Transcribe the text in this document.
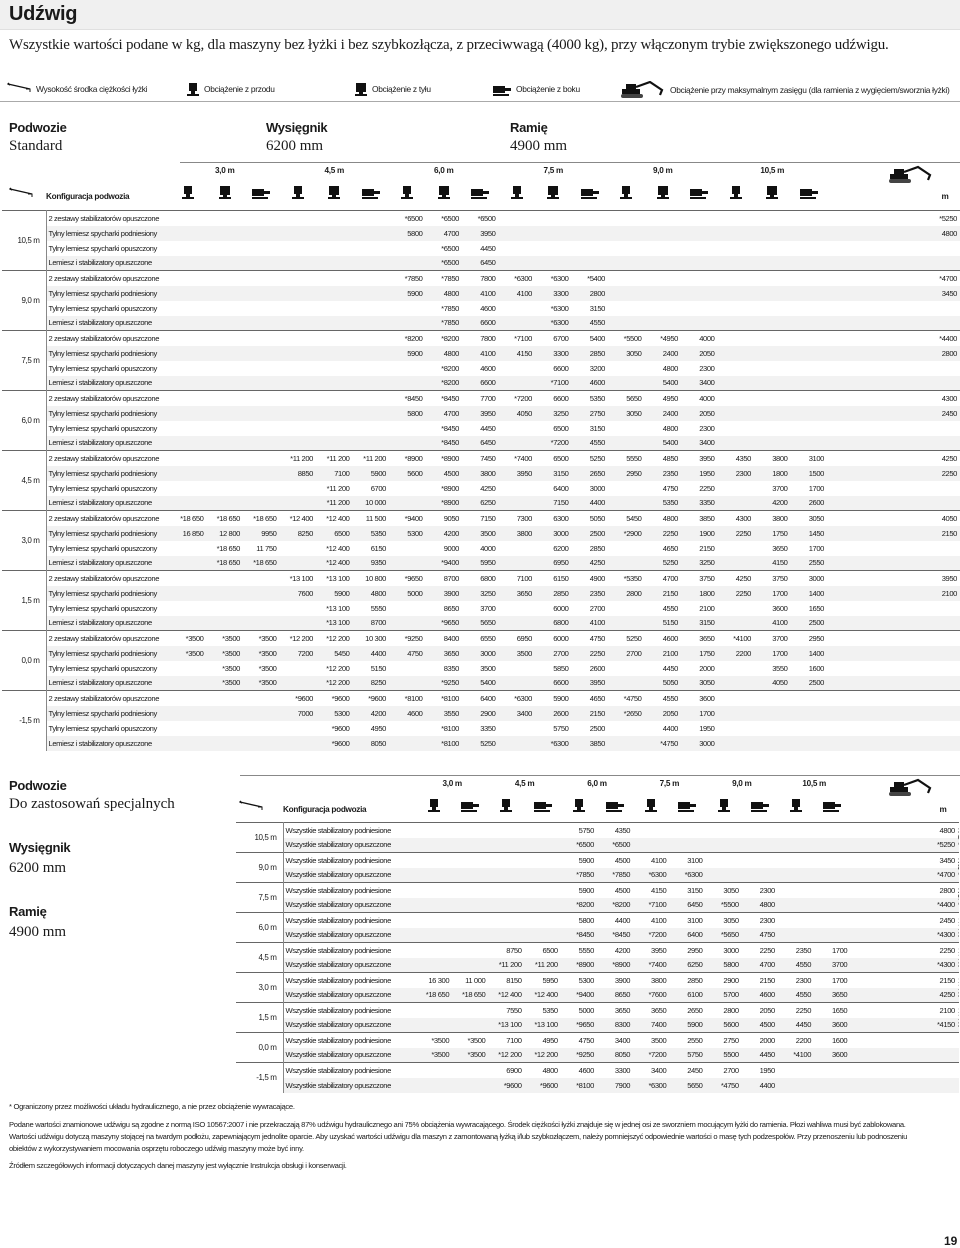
Udźwig
Wszystkie wartości podane w kg, dla maszyny bez łyżki i bez szybkozłącza, z przeciwwagą (4000 kg), przy włączonym trybie zwiększonego udźwigu.
Wysokość środka ciężkości łyżki	Obciążenie z przodu	Obciążenie z tyłu	Obciążenie z boku	Obciążenie przy maksymalnym zasięgu (dla ramienia z wygięciem/sworznia łyżki)
Podwozie
Standard
Wysięgnik
6200 mm
Ramię
4900 mm
3,0 m	4,5 m	6,0 m	7,5 m	9,0 m	10,5 m
Konfiguracja podwozia	m
10,5 m	2 zestawy stabilizatorów opuszczone							*6500	*6500	*6500										*5250			
	Tylny lemiesz spycharki podniesiony							5800	4700	3950										4800		
	Tylny lemiesz spycharki opuszczony								*6500	4450												
	Lemiesz i stabilizatory opuszczone								*6500	6450												
9,0 m	2 zestawy stabilizatorów opuszczone							*7850	*7850	7800	*6300	*6300	*5400							*4700			
	Tylny lemiesz spycharki podniesiony							5900	4800	4100	4100	3300	2800							3450		
	Tylny lemiesz spycharki opuszczony								*7850	4600		*6300	3150									
	Lemiesz i stabilizatory opuszczone								*7850	6600		*6300	4550									
7,5 m	2 zestawy stabilizatorów opuszczone							*8200	*8200	7800	*7100	6700	5400	*5500	*4950	4000				*4400			
	Tylny lemiesz spycharki podniesiony							5900	4800	4100	4150	3300	2850	3050	2400	2050				2800		
	Tylny lemiesz spycharki opuszczony								*8200	4600		6600	3200		4800	2300						
	Lemiesz i stabilizatory opuszczone								*8200	6600		*7100	4600		5400	3400						
6,0 m	2 zestawy stabilizatorów opuszczone							*8450	*8450	7700	*7200	6600	5350	5650	4950	4000				4300			
	Tylny lemiesz spycharki podniesiony							5800	4700	3950	4050	3250	2750	3050	2400	2050				2450		
	Tylny lemiesz spycharki opuszczony								*8450	4450		6500	3150		4800	2300						
	Lemiesz i stabilizatory opuszczone								*8450	6450		*7200	4550		5400	3400						
4,5 m	2 zestawy stabilizatorów opuszczone				*11 200	*11 200	*11 200	*8900	*8900	7450	*7400	6500	5250	5550	4850	3950	4350	3800	3100	4250			
	Tylny lemiesz spycharki podniesiony				8850	7100	5900	5600	4500	3800	3950	3150	2650	2950	2350	1950	2300	1800	1500	2250		
	Tylny lemiesz spycharki opuszczony					*11 200	6700		*8900	4250		6400	3000		4750	2250		3700	1700			
	Lemiesz i stabilizatory opuszczone					*11 200	10 000		*8900	6250		7150	4400		5350	3350		4200	2600			
3,0 m	2 zestawy stabilizatorów opuszczone	*18 650	*18 650	*18 650	*12 400	*12 400	11 500	*9400	9050	7150	7300	6300	5050	5450	4800	3850	4300	3800	3050	4050			
	Tylny lemiesz spycharki podniesiony	16 850	12 800	9950	8250	6500	5350	5300	4200	3500	3800	3000	2500	*2900	2250	1900	2250	1750	1450	2150		
	Tylny lemiesz spycharki opuszczony		*18 650	11 750		*12 400	6150		9000	4000		6200	2850		4650	2150		3650	1700			
	Lemiesz i stabilizatory opuszczone		*18 650	*18 650		*12 400	9350		*9400	5950		6950	4250		5250	3250		4150	2550			
1,5 m	2 zestawy stabilizatorów opuszczone				*13 100	*13 100	10 800	*9650	8700	6800	7100	6150	4900	*5350	4700	3750	4250	3750	3000	3950			
	Tylny lemiesz spycharki podniesiony				7600	5900	4800	5000	3900	3250	3650	2850	2350	2800	2150	1800	2250	1700	1400	2100		
	Tylny lemiesz spycharki opuszczony					*13 100	5550		8650	3700		6000	2700		4550	2100		3600	1650			
	Lemiesz i stabilizatory opuszczone					*13 100	8700		*9650	5650		6800	4100		5150	3150		4100	2500			
0,0 m	2 zestawy stabilizatorów opuszczone	*3500	*3500	*3500	*12 200	*12 200	10 300	*9250	8400	6550	6950	6000	4750	5250	4600	3650	*4100	3700	2950				
	Tylny lemiesz spycharki podniesiony	*3500	*3500	*3500	7200	5450	4400	4750	3650	3000	3500	2700	2250	2700	2100	1750	2200	1700	1400			
	Tylny lemiesz spycharki opuszczony		*3500	*3500		*12 200	5150		8350	3500		5850	2600		4450	2000		3550	1600			
	Lemiesz i stabilizatory opuszczone		*3500	*3500		*12 200	8250		*9250	5400		6600	3950		5050	3050		4050	2500			
-1,5 m	2 zestawy stabilizatorów opuszczone				*9600	*9600	*9600	*8100	*8100	6400	*6300	5900	4650	*4750	4550	3600							
	Tylny lemiesz spycharki podniesiony				7000	5300	4200	4600	3550	2900	3400	2600	2150	*2650	2050	1700						
	Tylny lemiesz spycharki opuszczony					*9600	4950		*8100	3350		5750	2500		4400	1950						
	Lemiesz i stabilizatory opuszczone					*9600	8050		*8100	5250		*6300	3850		*4750	3000						
Podwozie
Do zastosowań specjalnych
Wysięgnik
6200 mm
Ramię
4900 mm
3,0 m	4,5 m	6,0 m	7,5 m	9,0 m	10,5 m
Konfiguracja podwozia	m
10,5 m	Wszystkie stabilizatory podniesione					5750	4350							4800		
	Wszystkie stabilizatory opuszczone					*6500	*6500							*5250	
9,0 m	Wszystkie stabilizatory podniesione					5900	4500	4100	3100					3450		
	Wszystkie stabilizatory opuszczone					*7850	*7850	*6300	*6300					*4700	
7,5 m	Wszystkie stabilizatory podniesione					5900	4500	4150	3150	3050	2300			2800		
	Wszystkie stabilizatory opuszczone					*8200	*8200	*7100	6450	*5500	4800			*4400	
6,0 m	Wszystkie stabilizatory podniesione					5800	4400	4100	3100	3050	2300			2450		
	Wszystkie stabilizatory opuszczone					*8450	*8450	*7200	6400	*5650	4750			*4300	
4,5 m	Wszystkie stabilizatory podniesione			8750	6500	5550	4200	3950	2950	3000	2250	2350	1700	2250		
	Wszystkie stabilizatory opuszczone			*11 200	*11 200	*8900	*8900	*7400	6250	5800	4700	4550	3700	*4300	
3,0 m	Wszystkie stabilizatory podniesione	16 300	11 000	8150	5950	5300	3900	3800	2850	2900	2150	2300	1700	2150		
	Wszystkie stabilizatory opuszczone	*18 650	*18 650	*12 400	*12 400	*9400	8650	*7600	6100	5700	4600	4550	3650	4250	
1,5 m	Wszystkie stabilizatory podniesione			7550	5350	5000	3650	3650	2650	2800	2050	2250	1650	2100		
	Wszystkie stabilizatory opuszczone			*13 100	*13 100	*9650	8300	7400	5900	5600	4500	4450	3600	*4150	
0,0 m	Wszystkie stabilizatory podniesione	*3500	*3500	7100	4950	4750	3400	3500	2550	2750	2000	2200	1600			
	Wszystkie stabilizatory opuszczone	*3500	*3500	*12 200	*12 200	*9250	8050	*7200	5750	5500	4450	*4100	3600		
-1,5 m	Wszystkie stabilizatory podniesione			6900	4800	4600	3300	3400	2450	2700	1950					
	Wszystkie stabilizatory opuszczone			*9600	*9600	*8100	7900	*6300	5650	*4750	4400				
* Ograniczony przez możliwości układu hydraulicznego, a nie przez obciążenie wywracające.
Podane wartości znamionowe udźwigu są zgodne z normą ISO 10567:2007 i nie przekraczają 87% udźwigu hydraulicznego ani 75% obciążenia wywracającego. Środek ciężkości łyżki znajduje się w jednej osi ze sworzniem mocującym łyżki do ramienia. Płozi wahliwa musi być zablokowana. Wartości udźwigu dotyczą maszyny stojącej na twardym podłożu, zapewniającym jednolite oparcie. Aby uzyskać wartości udźwigu dla maszyn z zamontowaną łyżką i/lub szybkozłączem, należy pomniejszyć odpowiednie wartości o masę tych podzespołów. Przy przenoszeniu lub podnoszeniu obiektów z wykorzystywaniem mocowania osprzętu roboczego udźwig maszyny może być inny.
Źródłem szczegółowych informacji dotyczących danej maszyny jest wyłącznie Instrukcja obsługi i konserwacji.
19
